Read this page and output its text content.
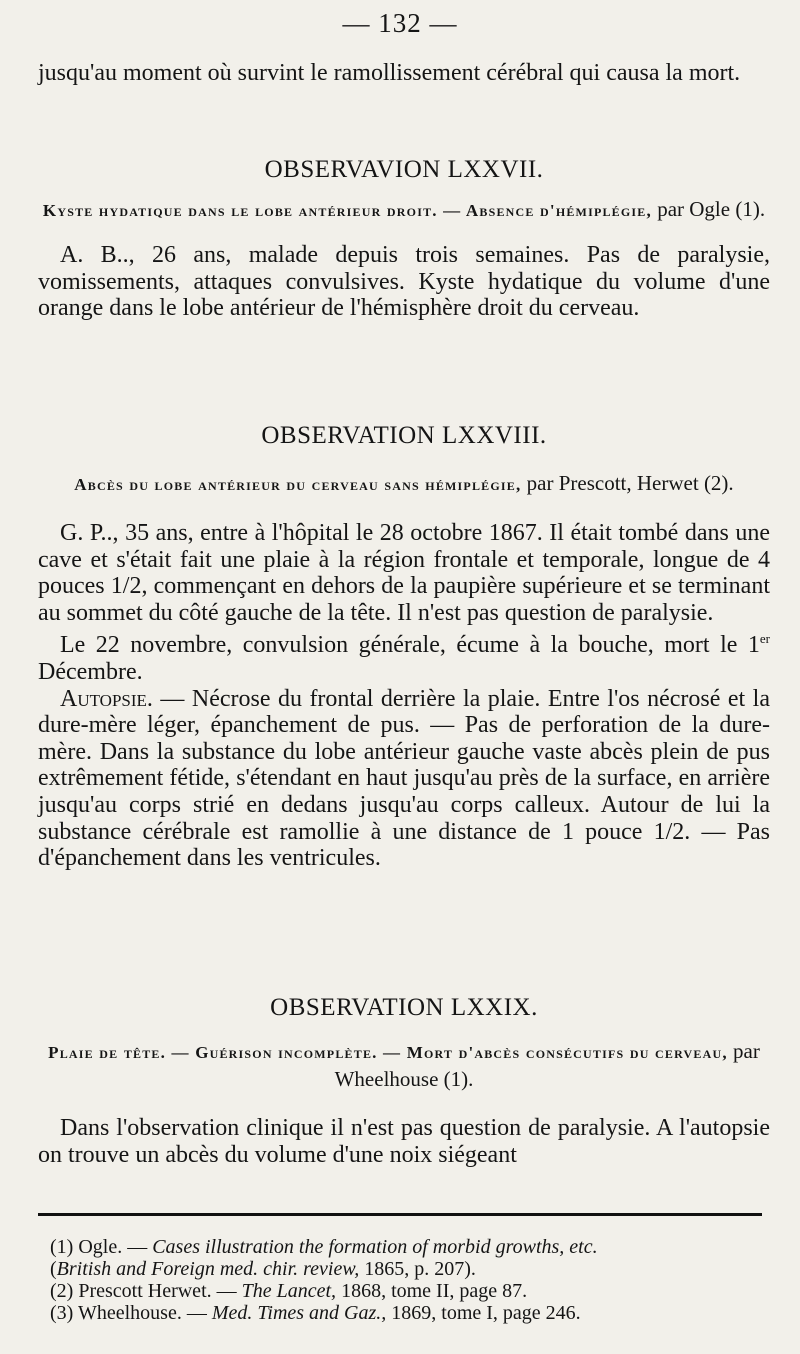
— 132 —

jusqu'au moment où survint le ramollissement cérébral qui causa la mort.

OBSERVAVION LXXVII.
Kyste hydatique dans le lobe antérieur droit. — Absence d'hémiplégie, par Ogle (1).

A. B.., 26 ans, malade depuis trois semaines. Pas de paralysie, vomissements, attaques convulsives. Kyste hydatique du volume d'une orange dans le lobe antérieur de l'hémisphère droit du cerveau.

OBSERVATION LXXVIII.
Abcès du lobe antérieur du cerveau sans hémiplégie, par Prescott, Herwet (2).

G. P.., 35 ans, entre à l'hôpital le 28 octobre 1867. Il était tombé dans une cave et s'était fait une plaie à la région frontale et temporale, longue de 4 pouces 1/2, commençant en dehors de la paupière supérieure et se terminant au sommet du côté gauche de la tête. Il n'est pas question de paralysie.

Le 22 novembre, convulsion générale, écume à la bouche, mort le 1er Décembre.

Autopsie. — Nécrose du frontal derrière la plaie. Entre l'os nécrosé et la dure-mère léger, épanchement de pus. — Pas de perforation de la dure-mère. Dans la substance du lobe antérieur gauche vaste abcès plein de pus extrêmement fétide, s'étendant en haut jusqu'au près de la surface, en arrière jusqu'au corps strié en dedans jusqu'au corps calleux. Autour de lui la substance cérébrale est ramollie à une distance de 1 pouce 1/2. — Pas d'épanchement dans les ventricules.

OBSERVATION LXXIX.
Plaie de tête. — Guérison incomplète. — Mort d'abcès consécutifs du cerveau, par Wheelhouse (1).

Dans l'observation clinique il n'est pas question de paralysie. A l'autopsie on trouve un abcès du volume d'une noix siégeant

(1) Ogle. — Cases illustration the formation of morbid growths, etc.
(British and Foreign med. chir. review, 1865, p. 207).
(2) Prescott Herwet. — The Lancet, 1868, tome II, page 87.
(3) Wheelhouse. — Med. Times and Gaz., 1869, tome I, page 246.
